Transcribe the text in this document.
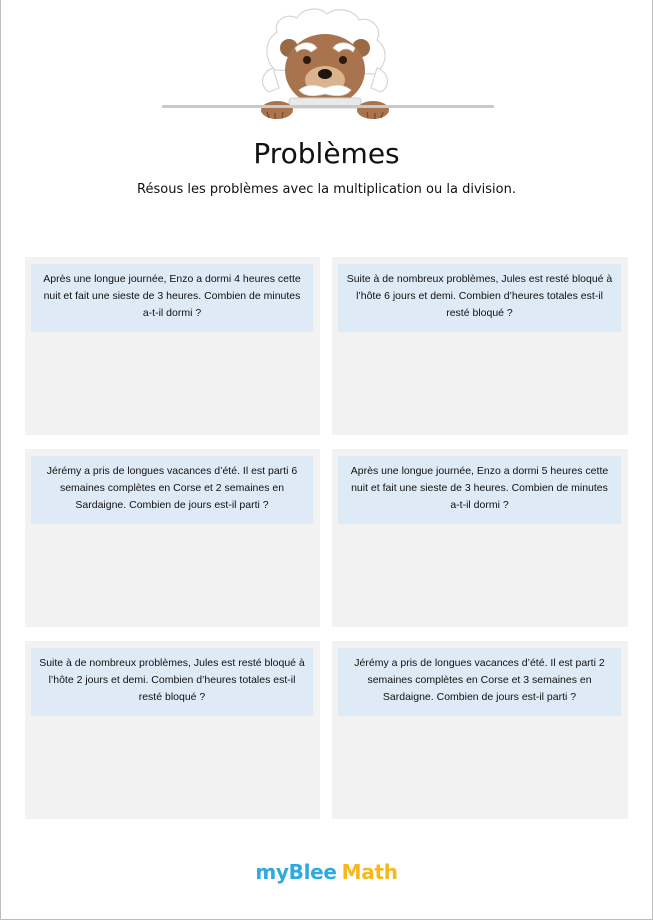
Problèmes

Résous les problèmes avec la multiplication ou la division.

Après une longue journée, Enzo a dormi 4 heures cette nuit et fait une sieste de 3 heures. Combien de minutes a-t-il dormi ?
Suite à de nombreux problèmes, Jules est resté bloqué à l’hôte 6 jours et demi. Combien d’heures totales est-il resté bloqué ?
Jérémy a pris de longues vacances d’été. Il est parti 6 semaines complètes en Corse et 2 semaines en Sardaigne. Combien de jours est-il parti ?
Après une longue journée, Enzo a dormi 5 heures cette nuit et fait une sieste de 3 heures. Combien de minutes a-t-il dormi ?
Suite à de nombreux problèmes, Jules est resté bloqué à l’hôte 2 jours et demi. Combien d’heures totales est-il resté bloqué ?
Jérémy a pris de longues vacances d’été. Il est parti 2 semaines complètes en Corse et 3 semaines en Sardaigne. Combien de jours est-il parti ?
myBlee Math
